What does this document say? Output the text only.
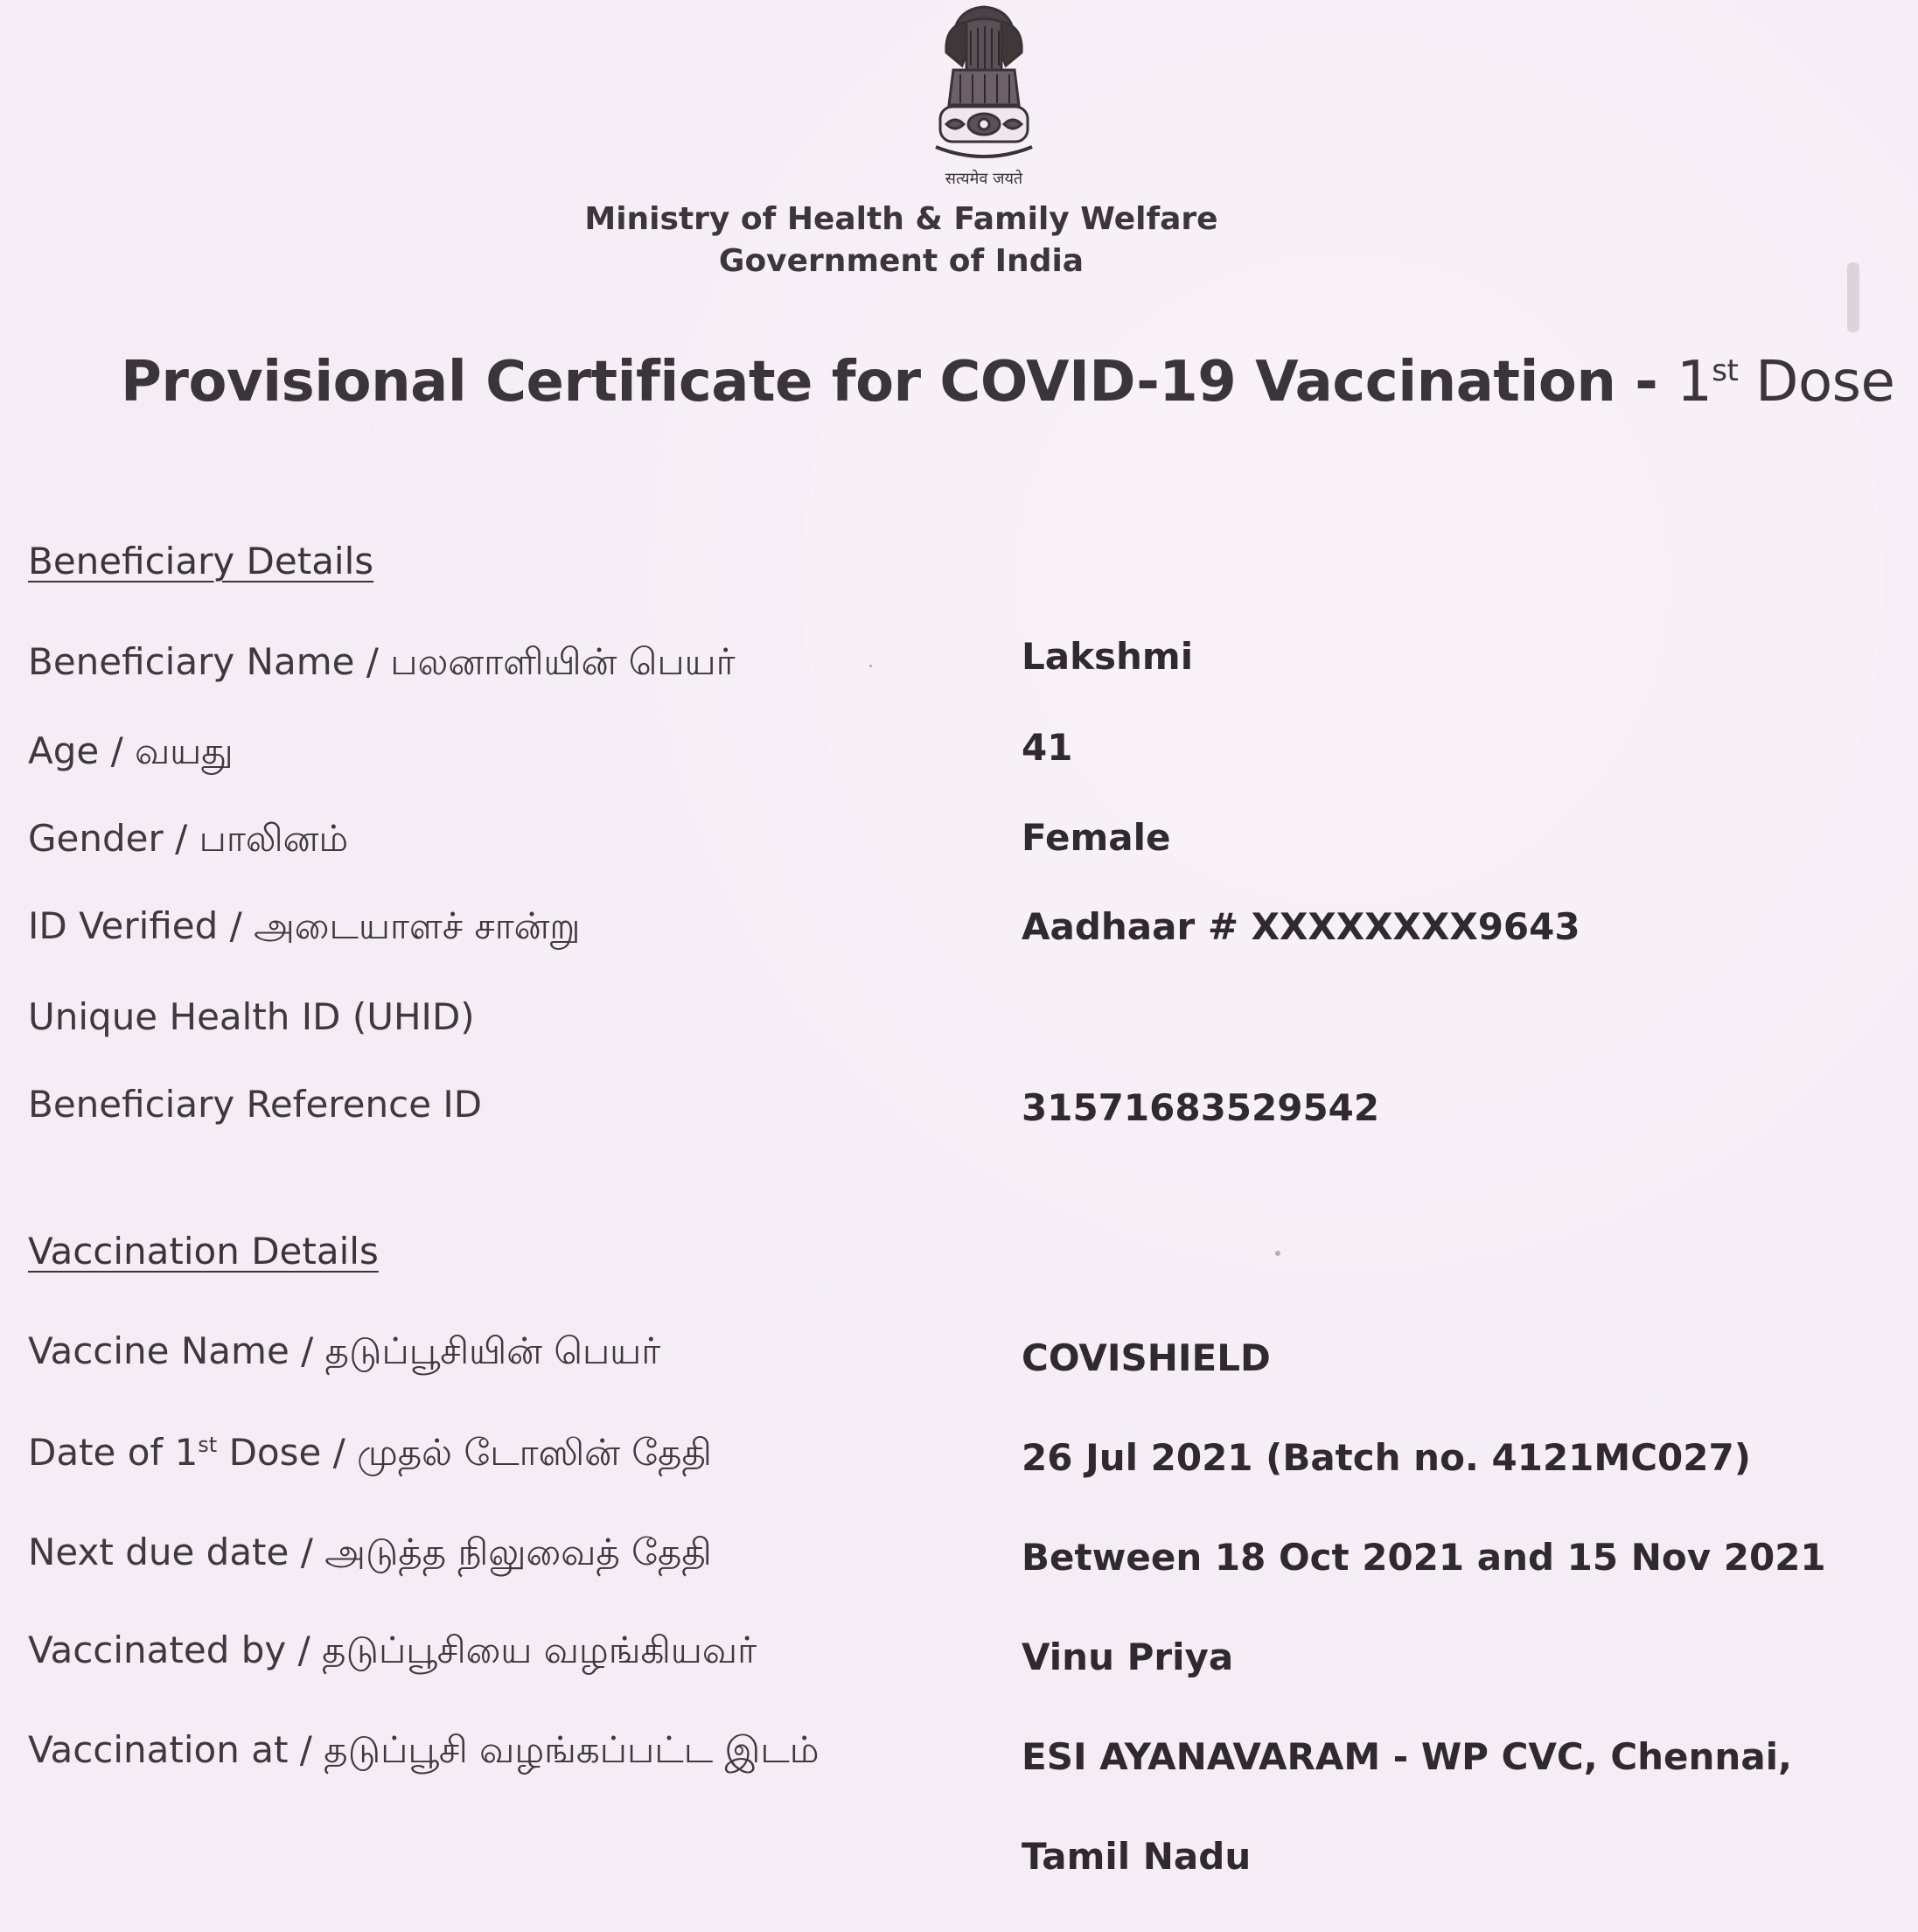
सत्यमेव जयते
Ministry of Health & Family Welfare
Government of India
Provisional Certificate for COVID-19 Vaccination - 1st Dose
Beneficiary Details
Beneficiary Name / பலனாளியின் பெயர்	Lakshmi
Age / வயது	41
Gender / பாலினம்	Female
ID Verified / அடையாளச் சான்று	Aadhaar # XXXXXXXX9643
Unique Health ID (UHID)
Beneficiary Reference ID	31571683529542
Vaccination Details
Vaccine Name / தடுப்பூசியின் பெயர்	COVISHIELD
Date of 1st Dose / முதல் டோஸின் தேதி	26 Jul 2021 (Batch no. 4121MC027)
Next due date / அடுத்த நிலுவைத் தேதி	Between 18 Oct 2021 and 15 Nov 2021
Vaccinated by / தடுப்பூசியை வழங்கியவர்	Vinu Priya
Vaccination at / தடுப்பூசி வழங்கப்பட்ட இடம்	ESI AYANAVARAM - WP CVC, Chennai,
Tamil Nadu
